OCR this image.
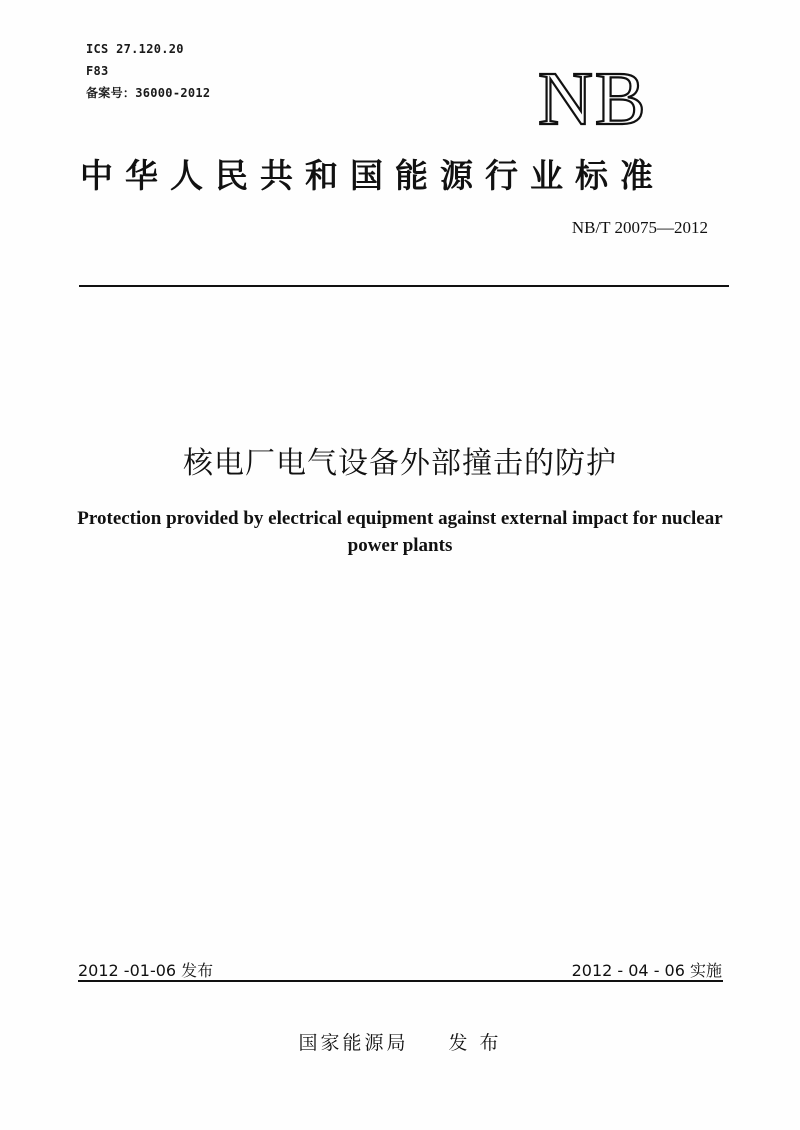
ICS 27.120.20
F83
备案号：36000-2012	NB
中华人民共和国能源行业标准
NB/T 20075—2012
核电厂电气设备外部撞击的防护
Protection provided by electrical equipment against external impact for nuclear
power plants
2012 -01-06 发布	2012 - 04 - 06 实施
国家能源局 发 布
